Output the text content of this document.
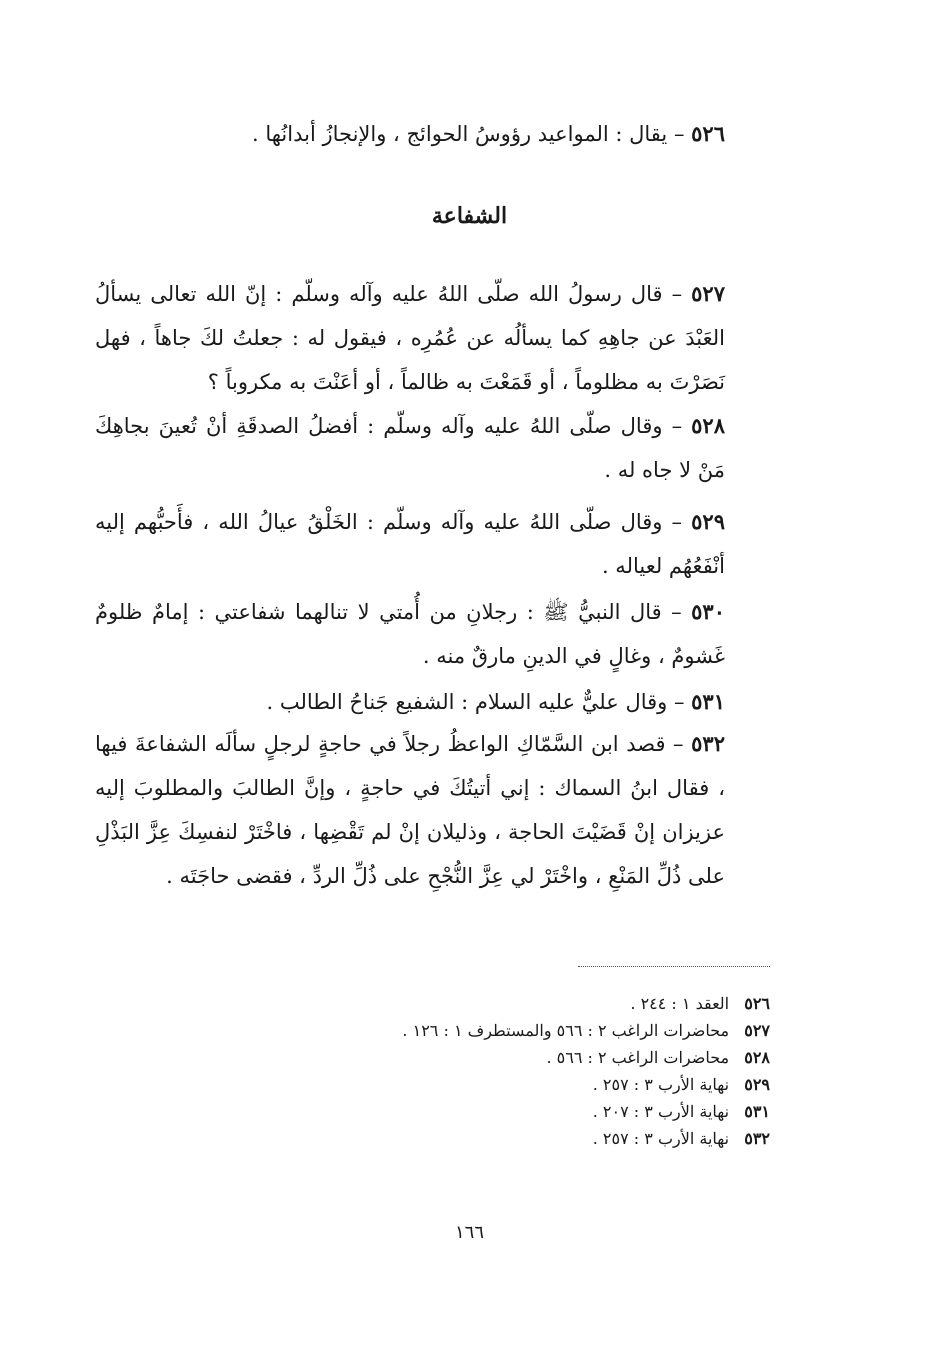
٥٢٦ – يقال : المواعيد رؤوسُ الحوائج ، والإنجازُ أبدانُها .

الشفاعة

٥٢٧ – قال رسولُ الله صلّى اللهُ عليه وآله وسلّم : إنّ الله تعالى يسألُ العَبْدَ عن جاهِهِ كما يسألُه عن عُمُرِه ، فيقول له : جعلتُ لكَ جاهاً ، فهل نَصَرْتَ به مظلوماً ، أو قَمَعْتَ به ظالماً ، أو أعَنْتَ به مكروباً ؟

٥٢٨ – وقال صلّى اللهُ عليه وآله وسلّم : أفضلُ الصدقَةِ أنْ تُعينَ بجاهِكَ مَنْ لا جاه له .

٥٢٩ – وقال صلّى اللهُ عليه وآله وسلّم : الخَلْقُ عيالُ الله ، فأَحبُّهم إليه أنْفَعُهُم لعياله .

٥٣٠ – قال النبيُّ ﷺ : رجلانِ من أُمتي لا تنالهما شفاعتي : إمامٌ ظلومٌ غَشومٌ ، وغالٍ في الدينِ مارقٌ منه .

٥٣١ – وقال عليٌّ عليه السلام : الشفيع جَناحُ الطالب .

٥٣٢ – قصد ابن السَّمّاكِ الواعظُ رجلاً في حاجةٍ لرجلٍ سألَه الشفاعةَ فيها ، فقال ابنُ السماك : إني أتيتُكَ في حاجةٍ ، وإنَّ الطالبَ والمطلوبَ إليه عزيزان إنْ قَضَيْتَ الحاجة ، وذليلان إنْ لم تَقْضِها ، فاخْتَرْ لنفسِكَ عِزَّ البَذْلِ على ذُلِّ المَنْعِ ، واخْتَرْ لي عِزَّ النُّجْحِ على ذُلِّ الردِّ ، فقضى حاجَتَه .

٥٢٦ العقد ١ : ٢٤٤ .
٥٢٧ محاضرات الراغب ٢ : ٥٦٦ والمستطرف ١ : ١٢٦ .
٥٢٨ محاضرات الراغب ٢ : ٥٦٦ .
٥٢٩ نهاية الأرب ٣ : ٢٥٧ .
٥٣١ نهاية الأرب ٣ : ٢٠٧ .
٥٣٢ نهاية الأرب ٣ : ٢٥٧ .
١٦٦
